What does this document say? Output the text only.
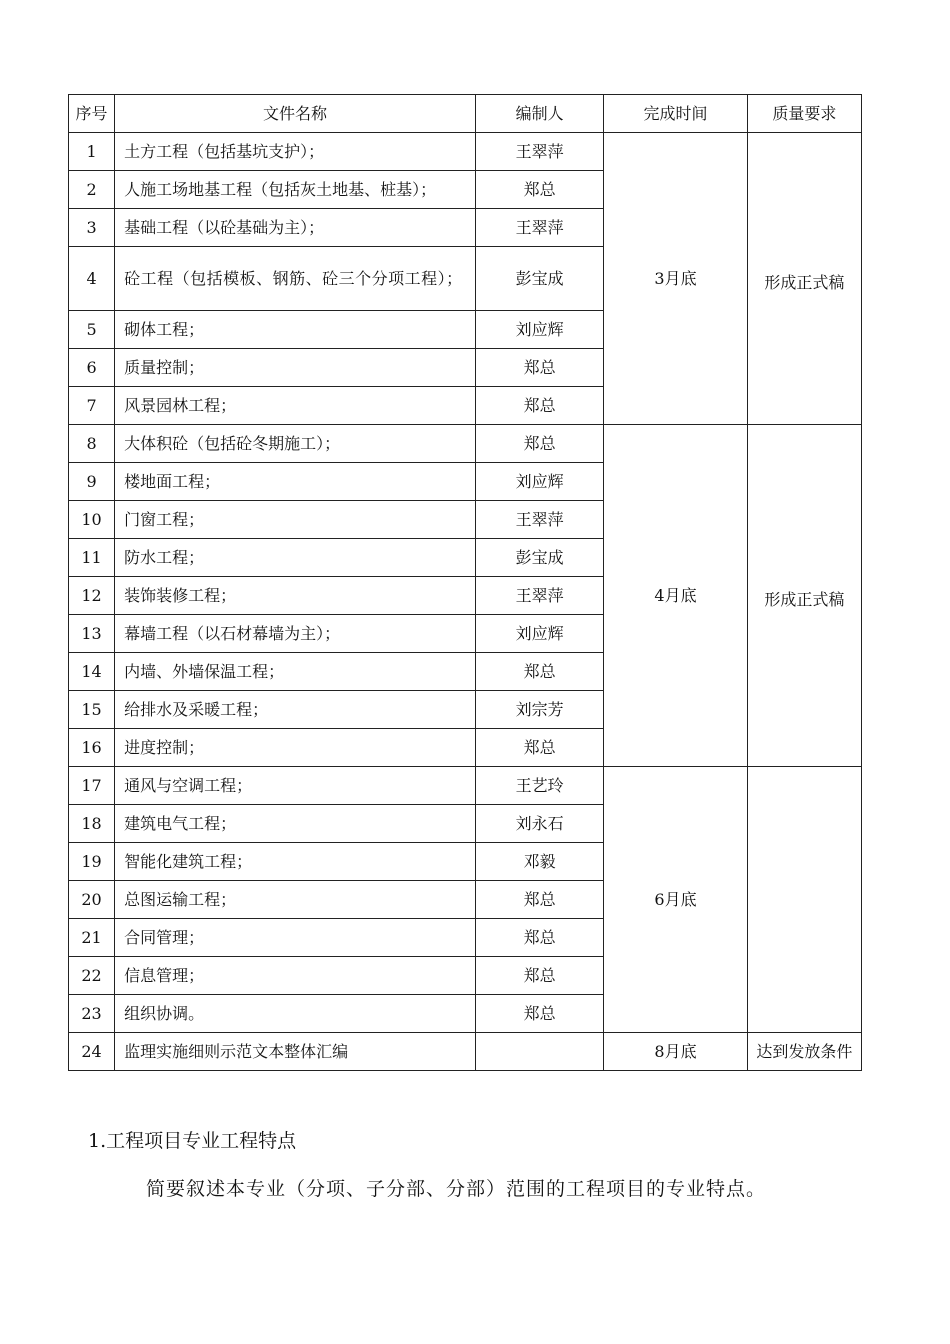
序号	文件名称	编制人	完成时间	质量要求
1	土方工程（包括基坑支护）；	王翠萍	3月底	形成正式稿
2	人施工场地基工程（包括灰土地基、桩基）；	郑总		
3	基础工程（以砼基础为主）；	王翠萍		
4	砼工程（包括模板、钢筋、砼三个分项工程）；	彭宝成		
5	砌体工程；	刘应辉		
6	质量控制；	郑总		
7	风景园林工程；	郑总		
8	大体积砼（包括砼冬期施工）；	郑总	4月底	形成正式稿
9	楼地面工程；	刘应辉		
10	门窗工程；	王翠萍		
11	防水工程；	彭宝成		
12	装饰装修工程；	王翠萍		
13	幕墙工程（以石材幕墙为主）；	刘应辉		
14	内墙、外墙保温工程；	郑总		
15	给排水及采暖工程；	刘宗芳		
16	进度控制；	郑总		
17	通风与空调工程；	王艺玲	6月底	
18	建筑电气工程；	刘永石		
19	智能化建筑工程；	邓毅		
20	总图运输工程；	郑总		
21	合同管理；	郑总		
22	信息管理；	郑总		
23	组织协调。	郑总		
24	监理实施细则示范文本整体汇编		8月底	达到发放条件
1.工程项目专业工程特点

简要叙述本专业（分项、子分部、分部）范围的工程项目的专业特点。
